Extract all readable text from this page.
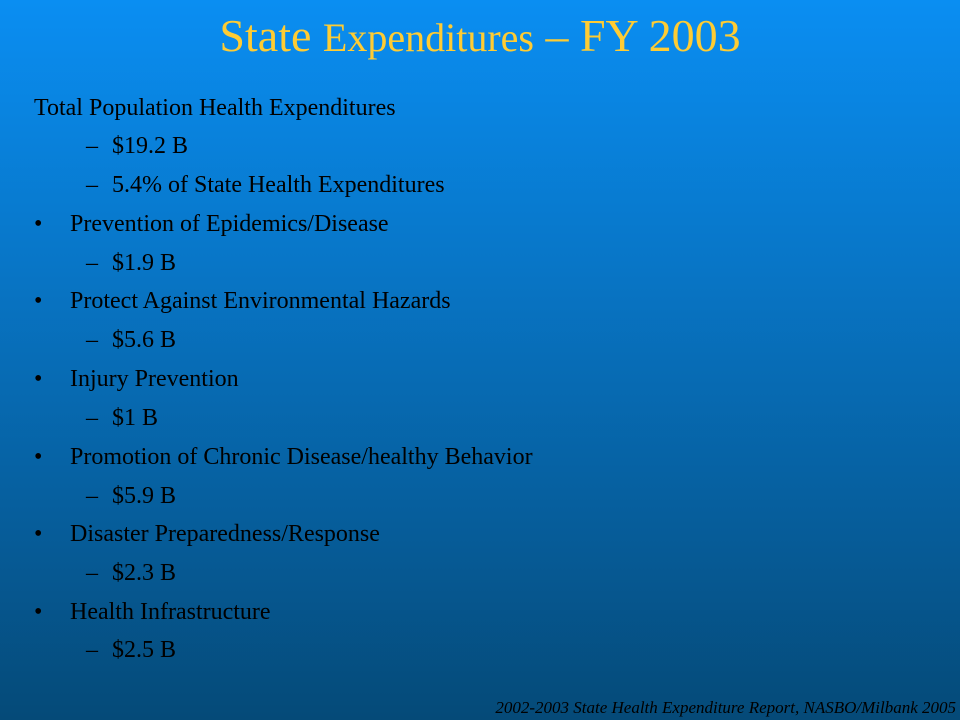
State Expenditures – FY 2003
Total Population Health Expenditures
– $19.2 B
– 5.4% of State Health Expenditures
• Prevention of Epidemics/Disease
– $1.9 B
• Protect Against Environmental Hazards
– $5.6 B
• Injury Prevention
– $1 B
• Promotion of Chronic Disease/healthy Behavior
– $5.9 B
• Disaster Preparedness/Response
– $2.3 B
• Health Infrastructure
– $2.5 B
2002-2003 State Health Expenditure Report, NASBO/Milbank 2005
